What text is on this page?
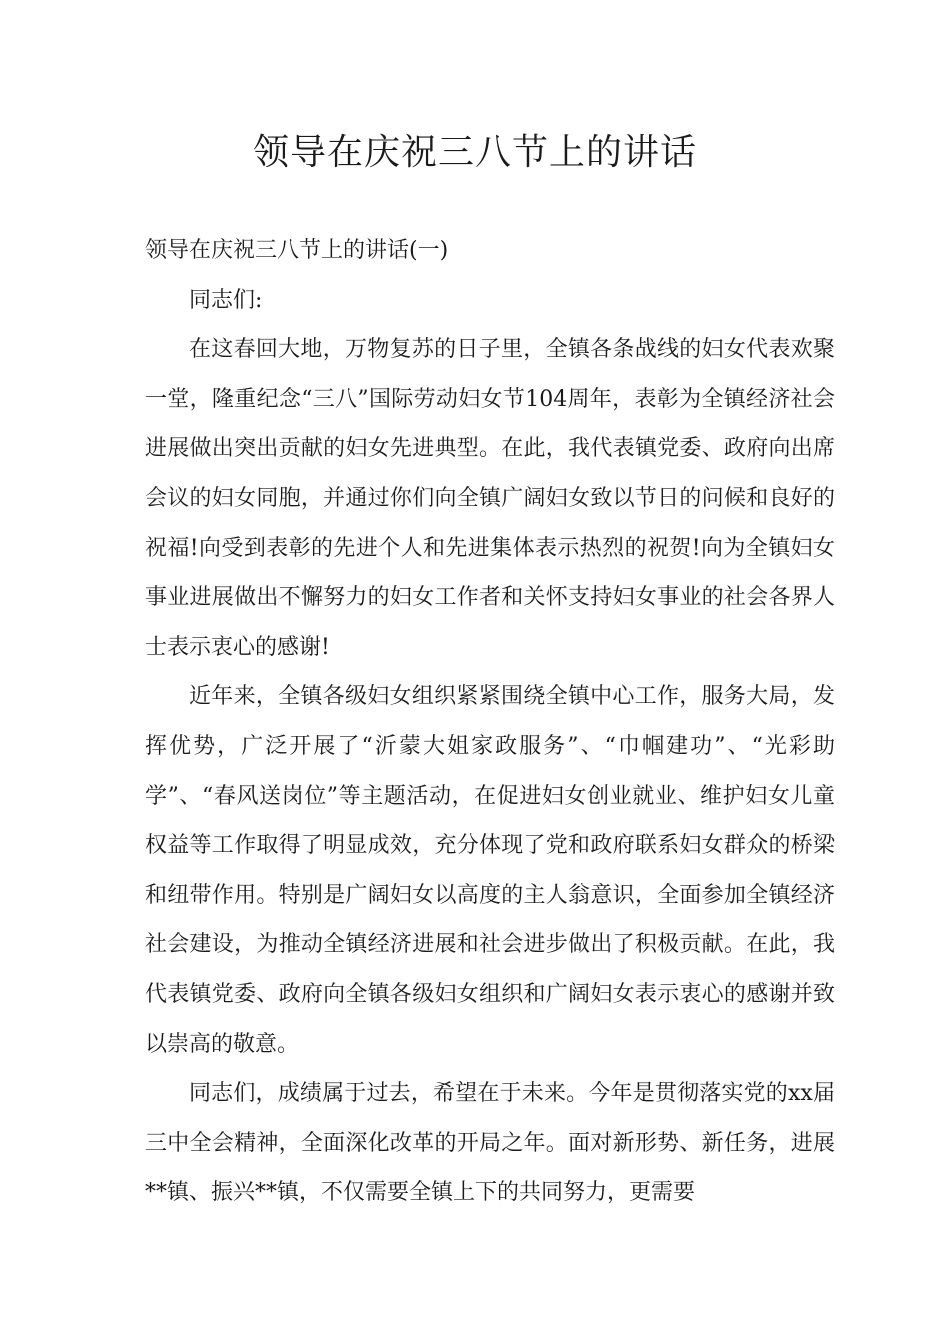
领导在庆祝三八节上的讲话

领导在庆祝三八节上的讲话(一)

同志们:

在这春回大地，万物复苏的日子里，全镇各条战线的妇女代表欢聚一堂，隆重纪念“三八”国际劳动妇女节104周年，表彰为全镇经济社会进展做出突出贡献的妇女先进典型。在此，我代表镇党委、政府向出席会议的妇女同胞，并通过你们向全镇广阔妇女致以节日的问候和良好的祝福!向受到表彰的先进个人和先进集体表示热烈的祝贺!向为全镇妇女事业进展做出不懈努力的妇女工作者和关怀支持妇女事业的社会各界人士表示衷心的感谢!

近年来，全镇各级妇女组织紧紧围绕全镇中心工作，服务大局，发挥优势，广泛开展了“沂蒙大姐家政服务”、“巾帼建功”、“光彩助学”、“春风送岗位”等主题活动，在促进妇女创业就业、维护妇女儿童权益等工作取得了明显成效，充分体现了党和政府联系妇女群众的桥梁和纽带作用。特别是广阔妇女以高度的主人翁意识，全面参加全镇经济社会建设，为推动全镇经济进展和社会进步做出了积极贡献。在此，我代表镇党委、政府向全镇各级妇女组织和广阔妇女表示衷心的感谢并致以崇高的敬意。

同志们，成绩属于过去，希望在于未来。今年是贯彻落实党的xx届三中全会精神，全面深化改革的开局之年。面对新形势、新任务，进展**镇、振兴**镇，不仅需要全镇上下的共同努力，更需要
